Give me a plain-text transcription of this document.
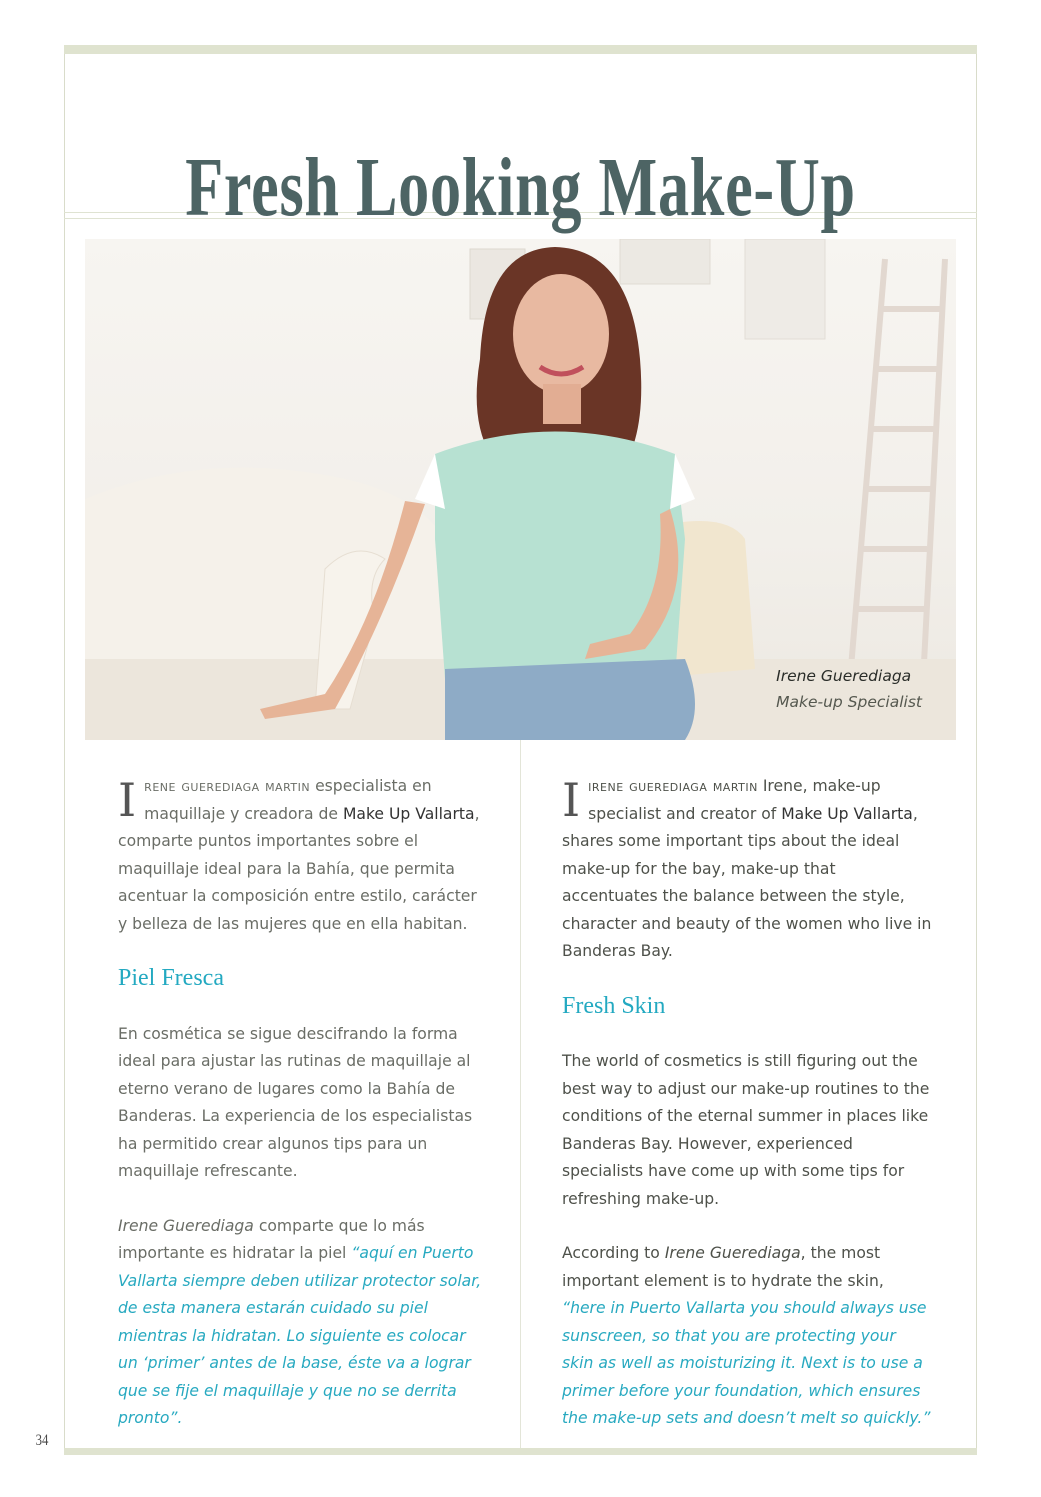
Fresh Looking Make-Up
Irene Guerediaga
Make-up Specialist

Irene guerediaga martin especialista en maquillaje y creadora de Make Up Vallarta, comparte puntos importantes sobre el maquillaje ideal para la Bahía, que permita acentuar la composición entre estilo, carácter y belleza de las mujeres que en ella habitan.

Piel Fresca

En cosmética se sigue descifrando la forma ideal para ajustar las rutinas de maquillaje al eterno verano de lugares como la Bahía de Banderas. La experiencia de los especialistas ha permitido crear algunos tips para un maquillaje refrescante.

Irene Guerediaga comparte que lo más importante es hidratar la piel “aquí en Puerto Vallarta siempre deben utilizar protector solar, de esta manera estarán cuidado su piel mientras la hidratan. Lo siguiente es colocar un ‘primer’ antes de la base, éste va a lograr que se fije el maquillaje y que no se derrita pronto”.

Iirene guerediaga martin Irene, make-up specialist and creator of Make Up Vallarta, shares some important tips about the ideal make-up for the bay, make-up that accentuates the balance between the style, character and beauty of the women who live in Banderas Bay.

Fresh Skin

The world of cosmetics is still figuring out the best way to adjust our make-up routines to the conditions of the eternal summer in places like Banderas Bay. However, experienced specialists have come up with some tips for refreshing make-up.

According to Irene Guerediaga, the most important element is to hydrate the skin, “here in Puerto Vallarta you should always use sunscreen, so that you are protecting your skin as well as moisturizing it. Next is to use a primer before your foundation, which ensures the make-up sets and doesn’t melt so quickly.”

34
